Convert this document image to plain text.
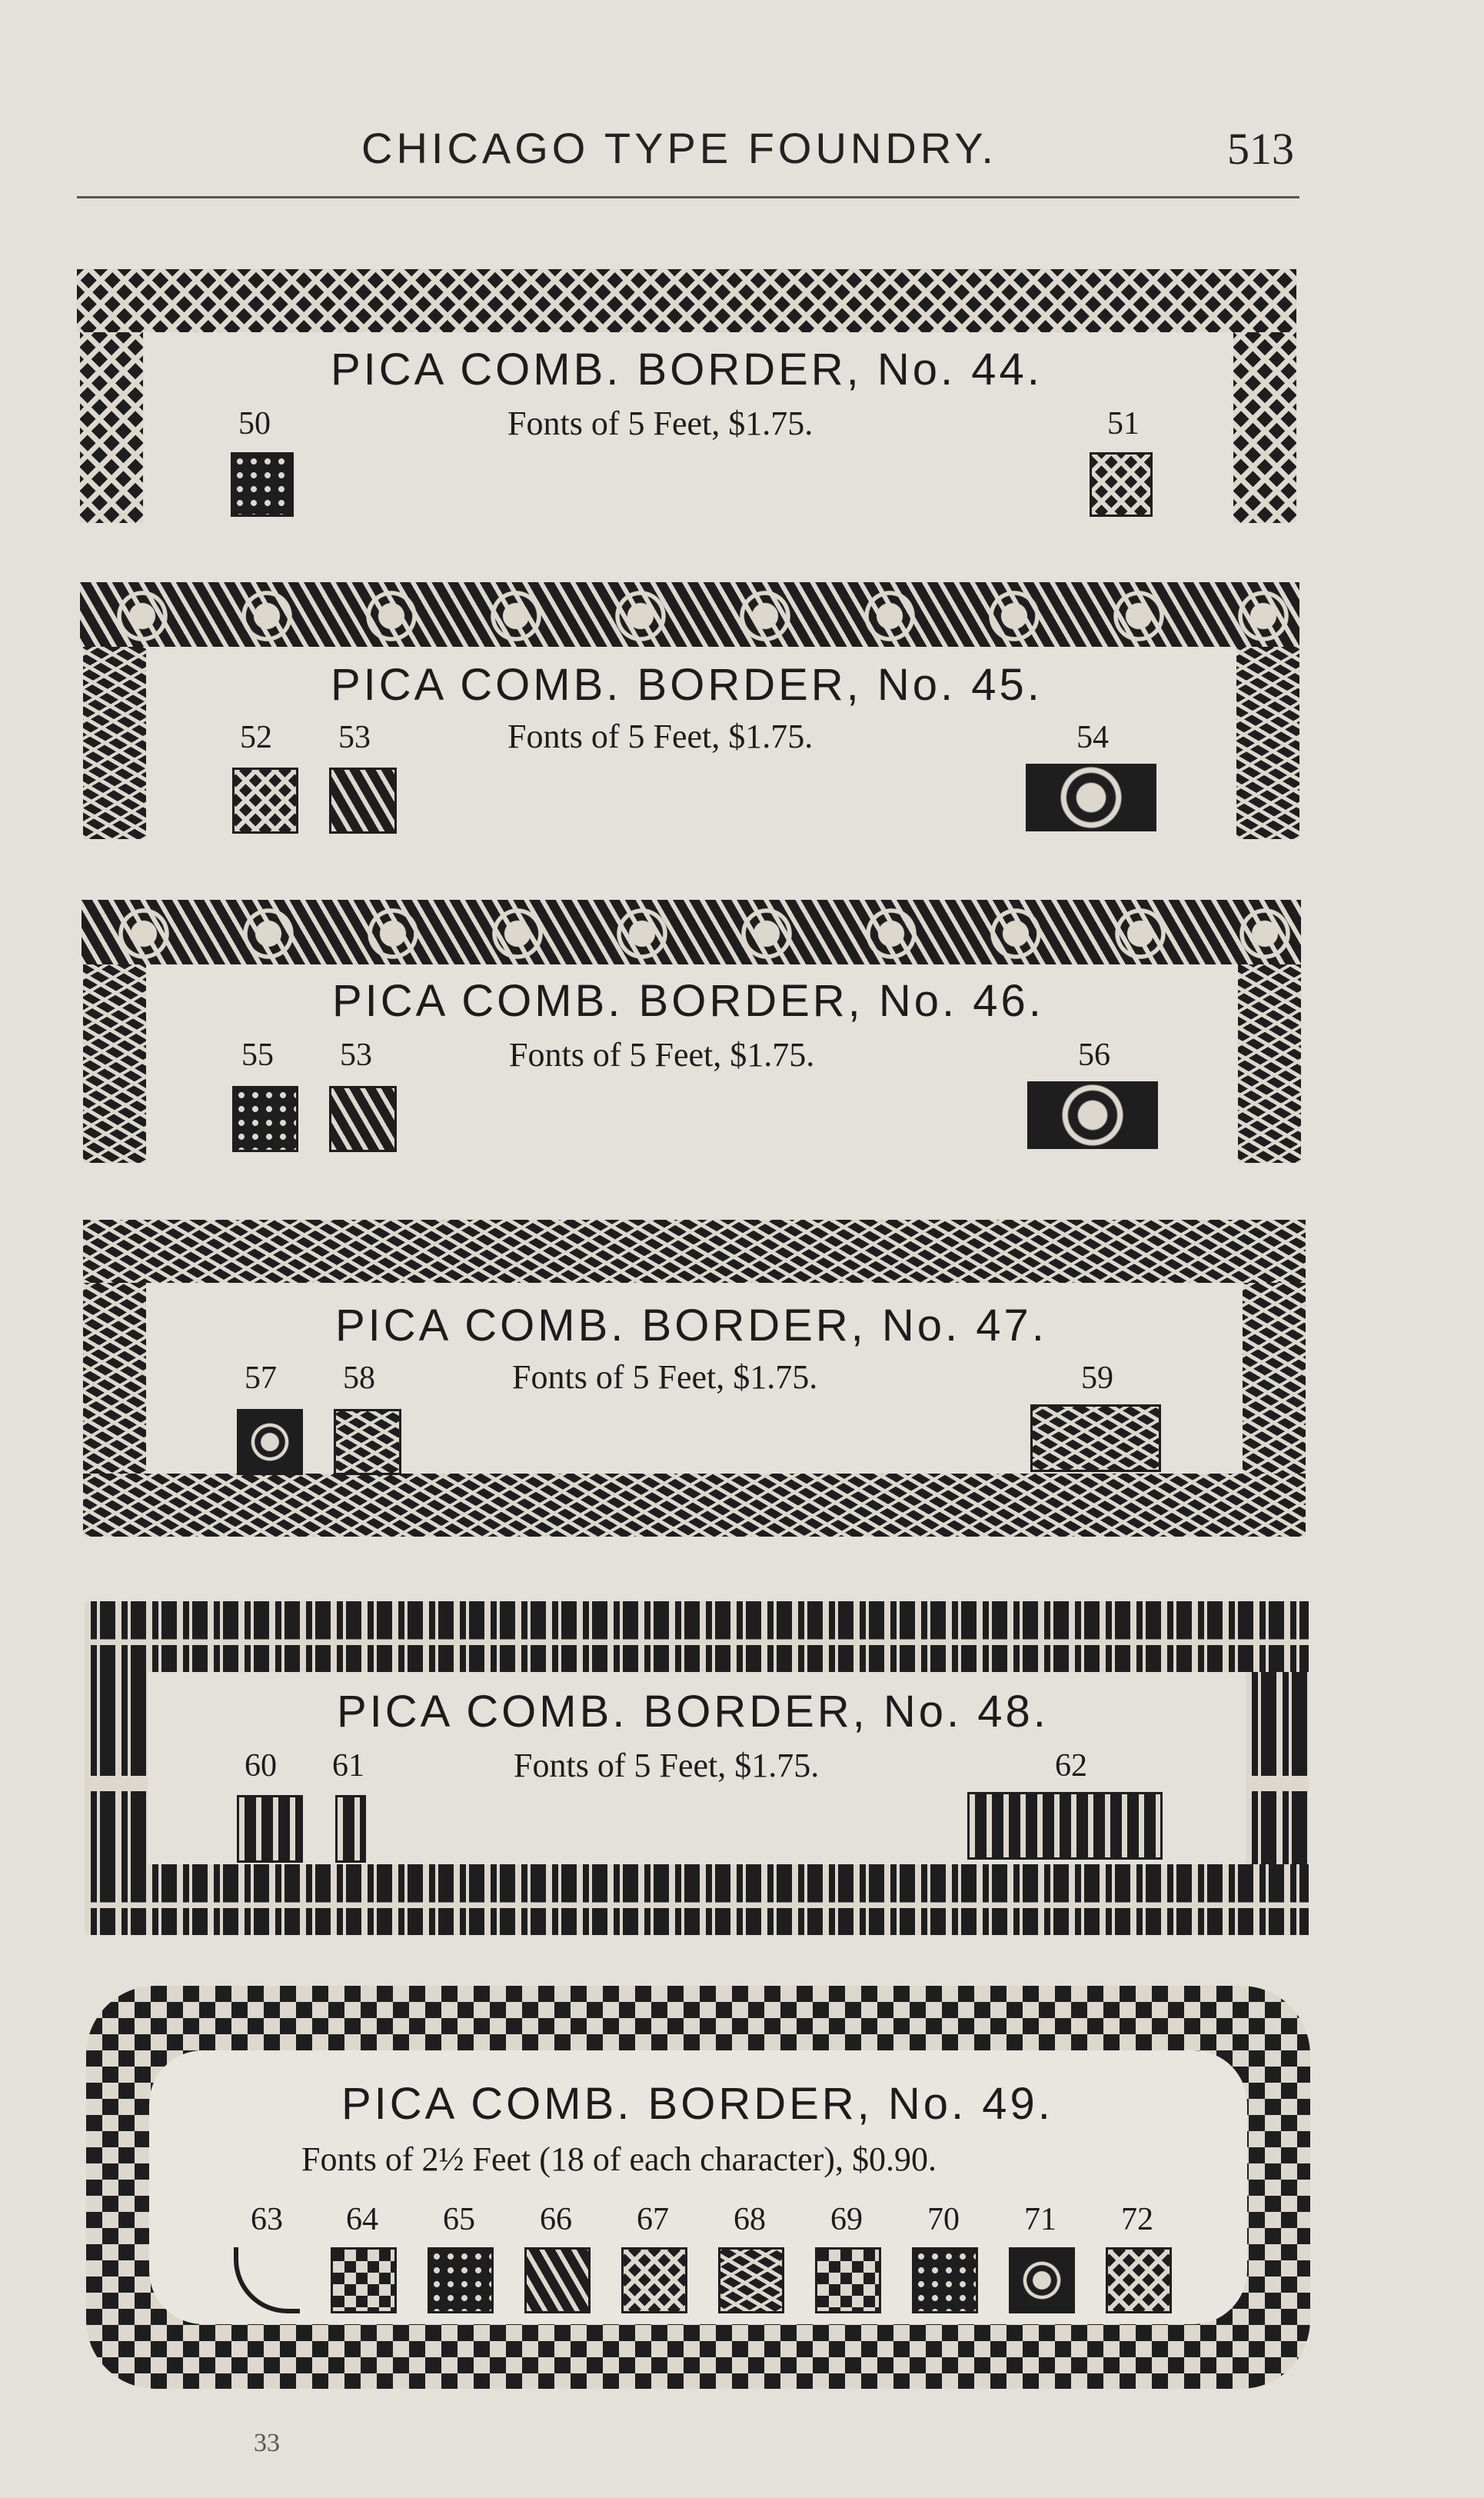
CHICAGO TYPE FOUNDRY.	513
PICA COMB. BORDER, No. 44.
50	Fonts of 5 Feet, $1.75.	51
PICA COMB. BORDER, No. 45.
52 53	Fonts of 5 Feet, $1.75.	54
PICA COMB. BORDER, No. 46.
55 53	Fonts of 5 Feet, $1.75.	56
PICA COMB. BORDER, No. 47.
57 58	Fonts of 5 Feet, $1.75.	59
PICA COMB. BORDER, No. 48.
60 61	Fonts of 5 Feet, $1.75.	62
PICA COMB. BORDER, No. 49.
Fonts of 2½ Feet (18 of each character), $0.90.
63 64 65 66 67 68 69 70 71 72
33
